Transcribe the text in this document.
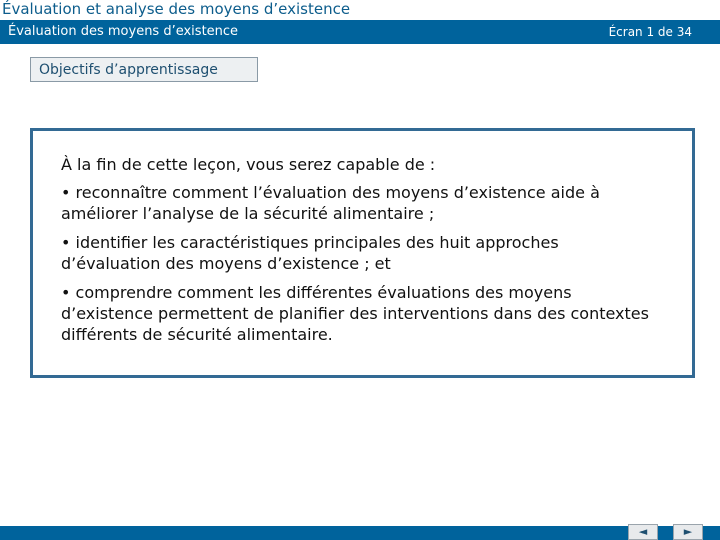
Évaluation et analyse des moyens d’existence
Évaluation des moyens d’existence	Écran 1 de 34
Objectifs d’apprentissage
À la fin de cette leçon, vous serez capable de :
• reconnaître comment l’évaluation des moyens d’existence aide à améliorer l’analyse de la sécurité alimentaire ;
• identifier les caractéristiques principales des huit approches d’évaluation des moyens d’existence ; et
• comprendre comment les différentes évaluations des moyens d’existence permettent de planifier des interventions dans des contextes différents de sécurité alimentaire.
◄	►
